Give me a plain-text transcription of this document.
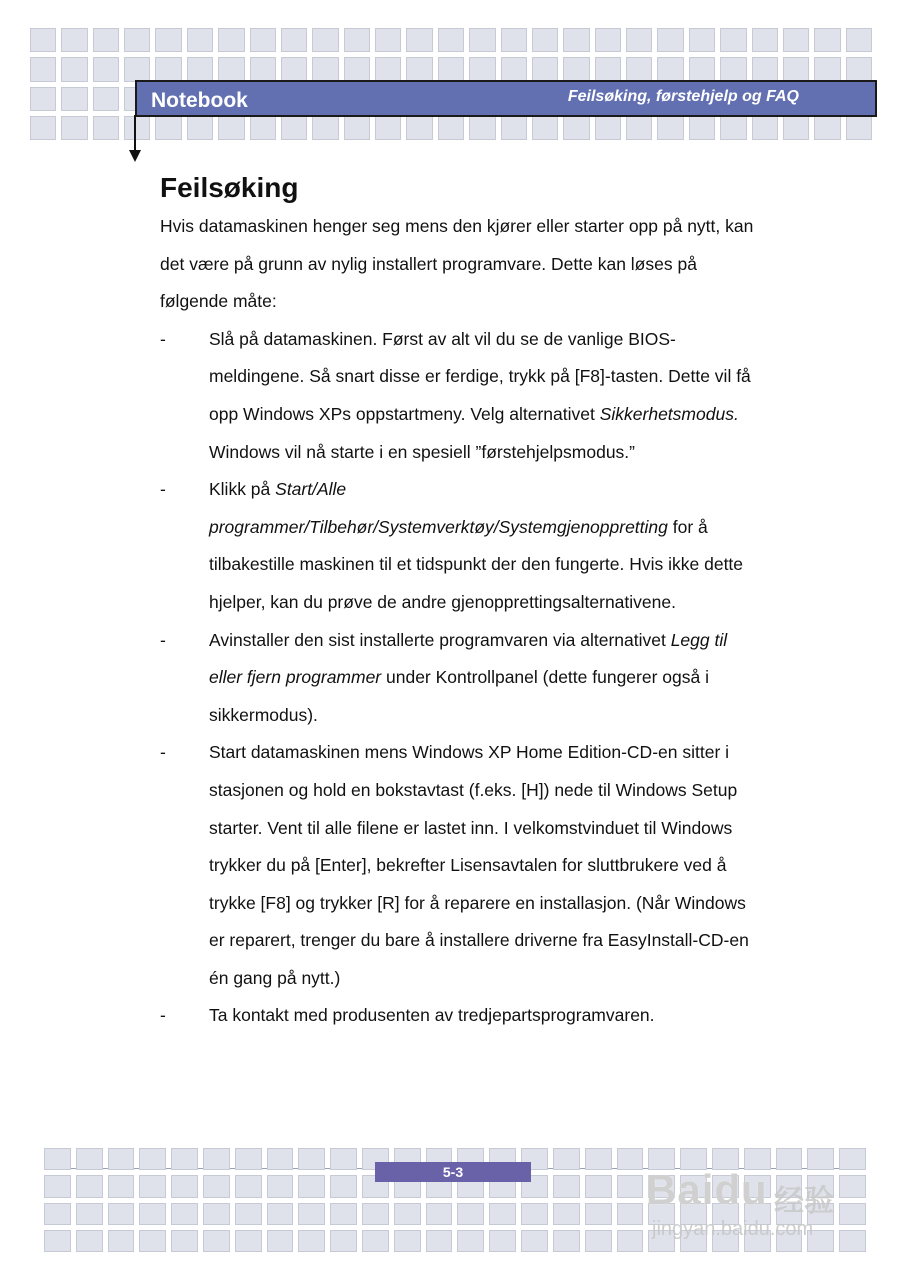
Notebook	Feilsøking, førstehjelp og FAQ
Feilsøking

Hvis datamaskinen henger seg mens den kjører eller starter opp på nytt, kan det være på grunn av nylig installert programvare. Dette kan løses på følgende måte:

-	Slå på datamaskinen. Først av alt vil du se de vanlige BIOS-meldingene. Så snart disse er ferdige, trykk på [F8]-tasten. Dette vil få opp Windows XPs oppstartmeny. Velg alternativet Sikkerhetsmodus. Windows vil nå starte i en spesiell ”førstehjelpsmodus.”
-	Klikk på Start/Alle programmer/Tilbehør/Systemverktøy/Systemgjenoppretting for å tilbakestille maskinen til et tidspunkt der den fungerte. Hvis ikke dette hjelper, kan du prøve de andre gjenopprettingsalternativene.
-	Avinstaller den sist installerte programvaren via alternativet Legg til eller fjern programmer under Kontrollpanel (dette fungerer også i sikkermodus).
-	Start datamaskinen mens Windows XP Home Edition-CD-en sitter i stasjonen og hold en bokstavtast (f.eks. [H]) nede til Windows Setup starter. Vent til alle filene er lastet inn. I velkomstvinduet til Windows trykker du på [Enter], bekrefter Lisensavtalen for sluttbrukere ved å trykke [F8] og trykker [R] for å reparere en installasjon. (Når Windows er reparert, trenger du bare å installere driverne fra EasyInstall-CD-en én gang på nytt.)
-	Ta kontakt med produsenten av tredjepartsprogramvaren.
5-3	Baidu 经验
jingyan.baidu.com
